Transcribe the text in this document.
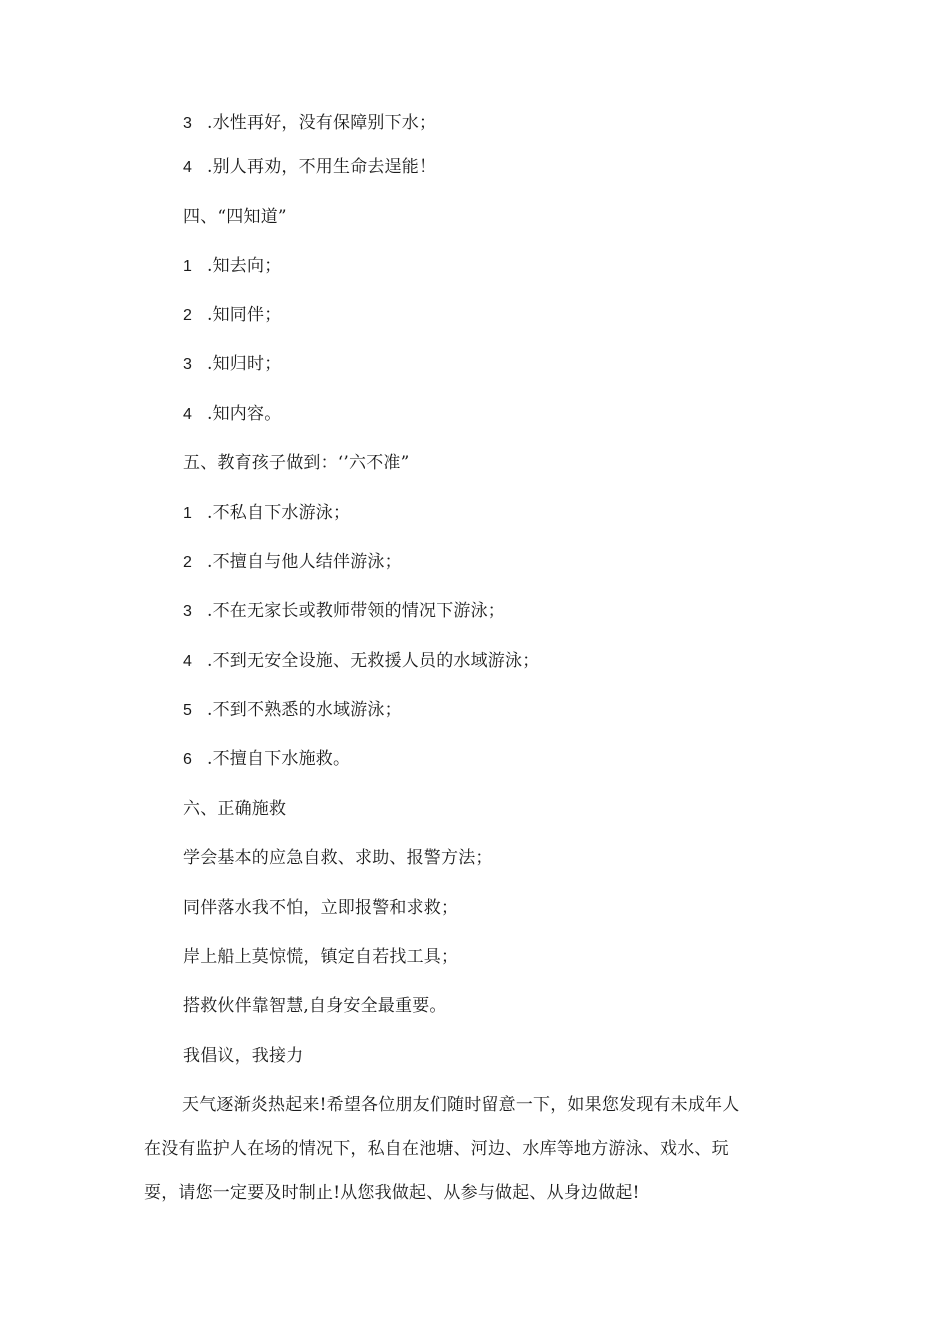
3 .水性再好，没有保障别下水；
4 .别人再劝，不用生命去逞能！
四、“四知道”
1 .知去向；
2 .知同伴；
3 .知归时；
4 .知内容。
五、教育孩子做到：‘’六不准”
1 .不私自下水游泳；
2 .不擅自与他人结伴游泳；
3 .不在无家长或教师带领的情况下游泳；
4 .不到无安全设施、无救援人员的水域游泳；
5 .不到不熟悉的水域游泳；
6 .不擅自下水施救。
六、正确施救
学会基本的应急自救、求助、报警方法；
同伴落水我不怕，立即报警和求救；
岸上船上莫惊慌，镇定自若找工具；
搭救伙伴靠智慧,自身安全最重要。
我倡议，我接力
天气逐渐炎热起来!希望各位朋友们随时留意一下，如果您发现有未成年人
在没有监护人在场的情况下，私自在池塘、河边、水库等地方游泳、戏水、玩
耍，请您一定要及时制止!从您我做起、从参与做起、从身边做起!
